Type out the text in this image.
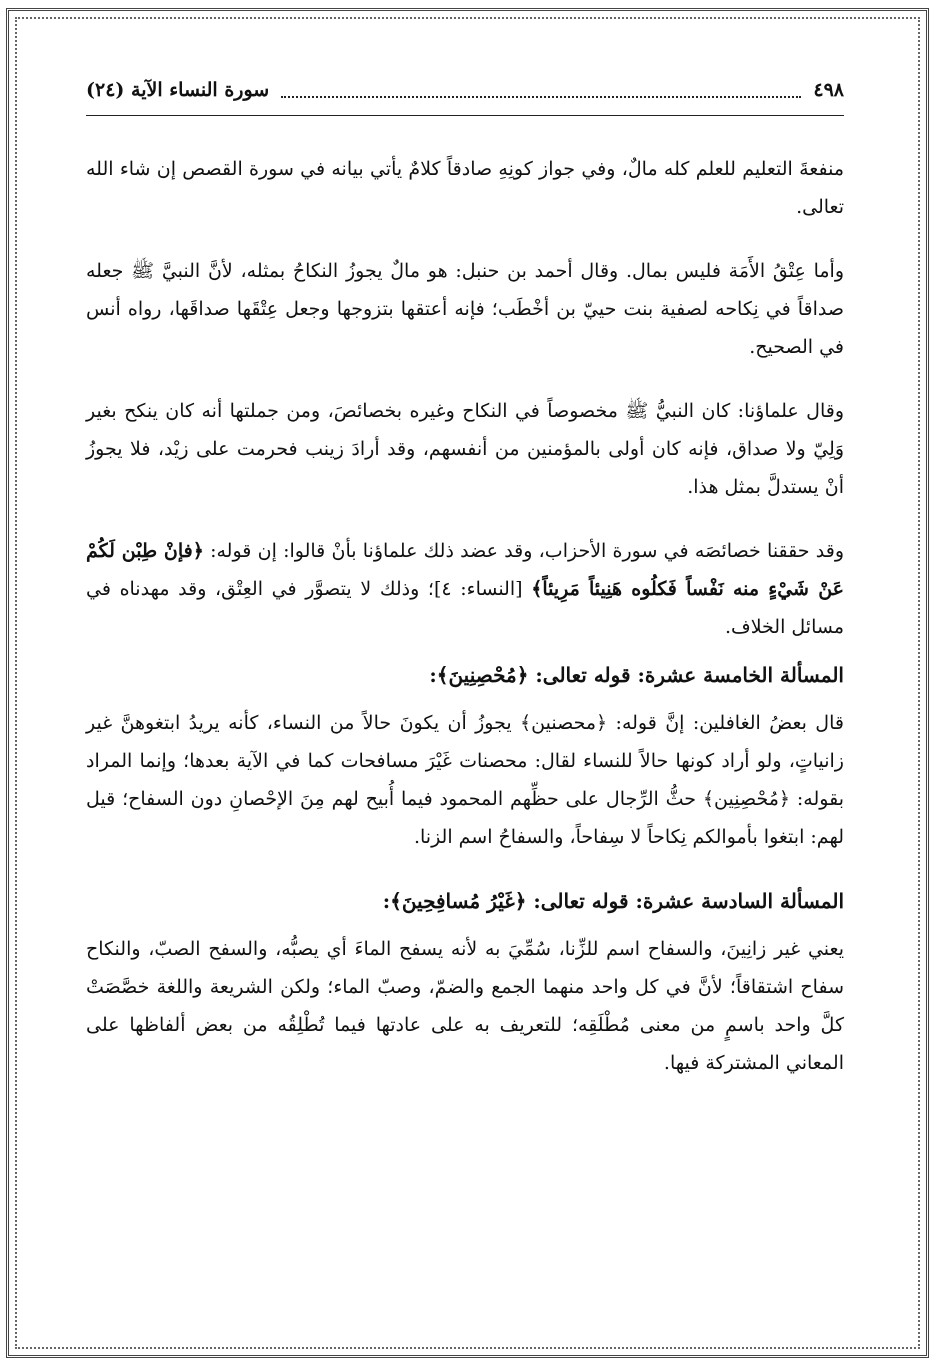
٤٩٨
سورة النساء الآية (٢٤)

منفعةَ التعليم للعلم كله مالٌ، وفي جواز كونِهِ صادقاً كلامٌ يأتي بيانه في سورة القصص إن شاء الله تعالى.

وأما عِتْقُ الأَمَة فليس بمال. وقال أحمد بن حنبل: هو مالٌ يجوزُ النكاحُ بمثله، لأنَّ النبيَّ ﷺ جعله صداقاً في نِكاحه لصفية بنت حييّ بن أخْطَب؛ فإنه أعتقها بتزوجها وجعل عِتْقَها صداقَها، رواه أنس في الصحيح.

وقال علماؤنا: كان النبيُّ ﷺ مخصوصاً في النكاح وغيره بخصائصَ، ومن جملتها أنه كان ينكح بغير وَلِيّ ولا صداق، فإنه كان أولى بالمؤمنين من أنفسهم، وقد أرادَ زينب فحرمت على زيْد، فلا يجوزُ أنْ يستدلَّ بمثل هذا.

وقد حققنا خصائصَه في سورة الأحزاب، وقد عضد ذلك علماؤنا بأنْ قالوا: إن قوله: ﴿فإنْ طِبْن لَكُمْ عَنْ شَيْءٍ منه نَفْساً فَكلُوه هَنِيئاً مَرِيئاً﴾ [النساء: ٤]؛ وذلك لا يتصوَّر في العِتْق، وقد مهدناه في مسائل الخلاف.

المسألة الخامسة عشرة: قوله تعالى: ﴿مُحْصِنِينَ﴾:

قال بعضُ الغافلين: إنَّ قوله: ﴿محصنين﴾ يجوزُ أن يكونَ حالاً من النساء، كأنه يريدُ ابتغوهنَّ غير زانياتٍ، ولو أراد كونها حالاً للنساء لقال: محصنات غَيْرَ مسافحات كما في الآية بعدها؛ وإنما المراد بقوله: ﴿مُحْصِنِين﴾ حثُّ الرِّجال على حظِّهم المحمود فيما أُبيح لهم مِنَ الإحْصانِ دون السفاح؛ قيل لهم: ابتغوا بأموالكم نِكاحاً لا سِفاحاً، والسفاحُ اسم الزنا.

المسألة السادسة عشرة: قوله تعالى: ﴿غَيْرُ مُسافِحِينَ﴾:

يعني غير زانِينَ، والسفاح اسم للزِّنا، سُمِّيَ به لأنه يسفح الماءَ أي يصبُّه، والسفح الصبّ، والنكاح سفاح اشتقاقاً؛ لأنَّ في كل واحد منهما الجمع والضمّ، وصبّ الماء؛ ولكن الشريعة واللغة خصَّصَتْ كلَّ واحد باسمٍ من معنى مُطْلَقِه؛ للتعريف به على عادتها فيما تُطْلِقُه من بعض ألفاظها على المعاني المشتركة فيها.
